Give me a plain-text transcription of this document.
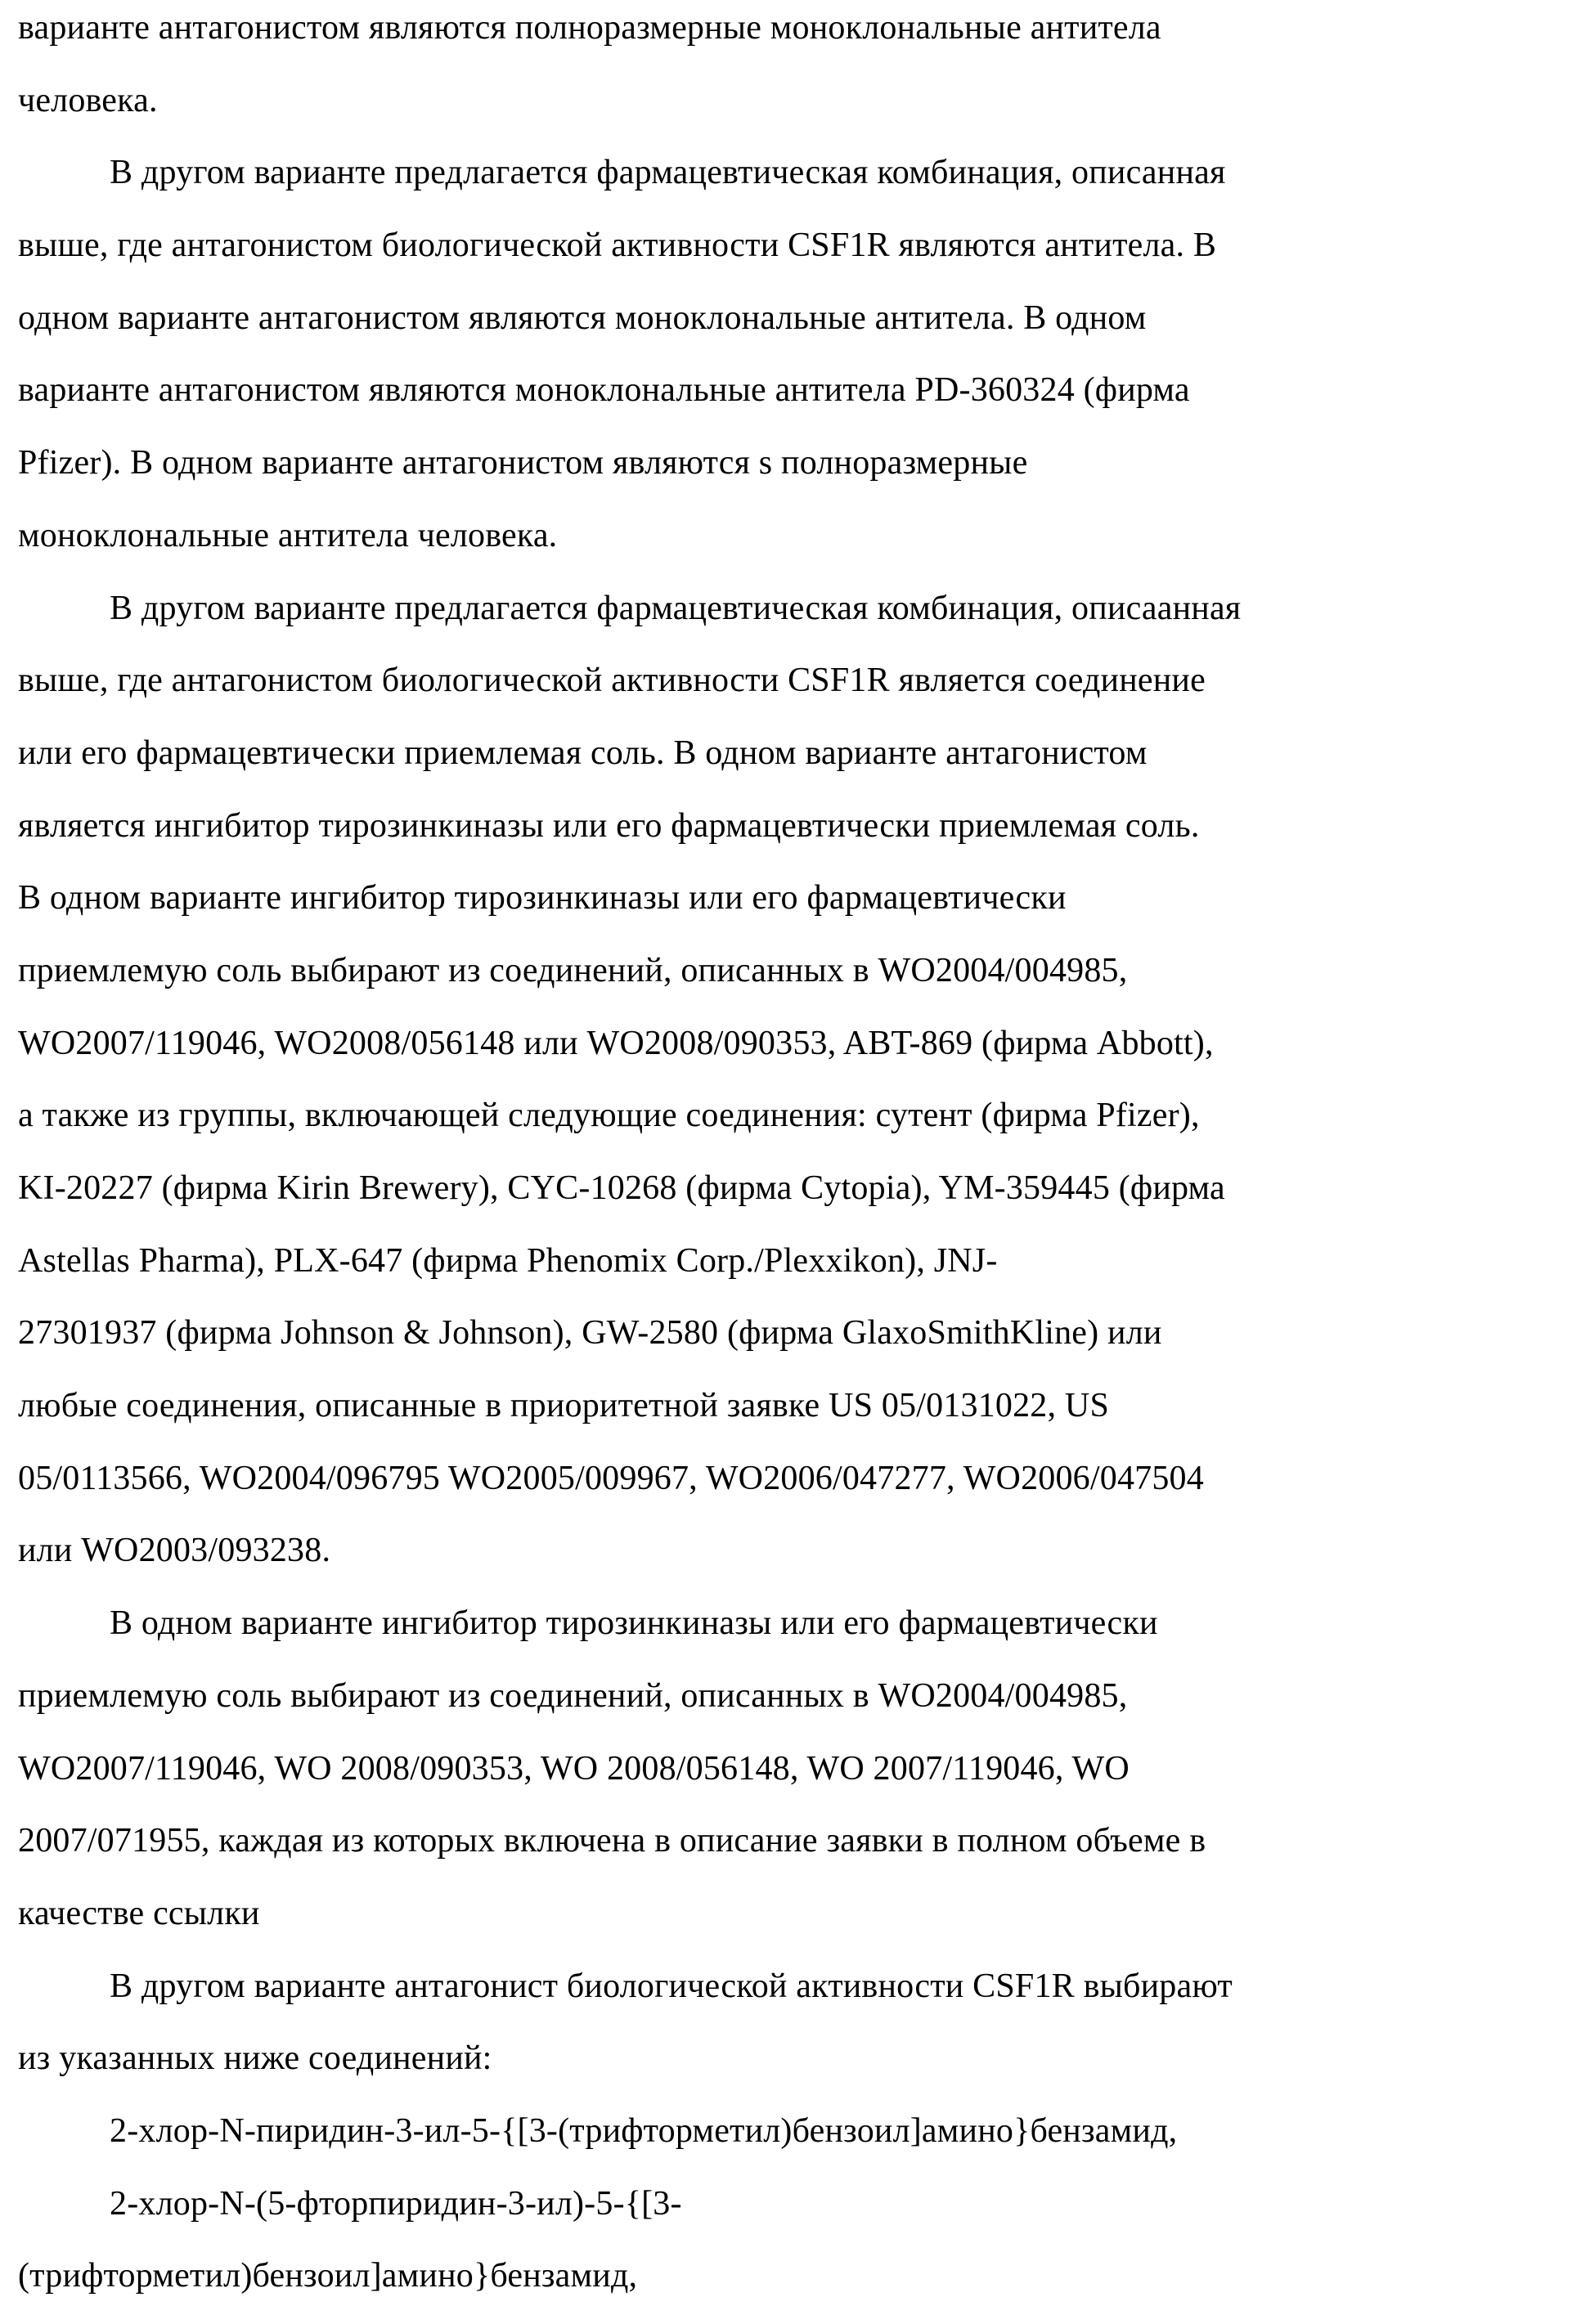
варианте антагонистом являются полноразмерные моноклональные антитела
человека.
В другом варианте предлагается фармацевтическая комбинация, описанная
выше, где антагонистом биологической активности CSF1R являются антитела. В
одном варианте антагонистом являются моноклональные антитела. В одном
варианте антагонистом являются моноклональные антитела PD-360324 (фирма
Pfizer). В одном варианте антагонистом являются s полноразмерные
моноклональные антитела человека.
В другом варианте предлагается фармацевтическая комбинация, описаанная
выше, где антагонистом биологической активности CSF1R является соединение
или его фармацевтически приемлемая соль. В одном варианте антагонистом
является ингибитор тирозинкиназы или его фармацевтически приемлемая соль.
В одном варианте ингибитор тирозинкиназы или его фармацевтически
приемлемую соль выбирают из соединений, описанных в WO2004/004985,
WO2007/119046, WO2008/056148 или WO2008/090353, ABT-869 (фирма Abbott),
а также из группы, включающей следующие соединения: сутент (фирма Pfizer),
KI-20227 (фирма Kirin Brewery), CYC-10268 (фирма Cytopia), YM-359445 (фирма
Astellas Pharma), PLX-647 (фирма Phenomix Corp./Plexxikon), JNJ-
27301937 (фирма Johnson & Johnson), GW-2580 (фирма GlaxoSmithKline) или
любые соединения, описанные в приоритетной заявке US 05/0131022, US
05/0113566, WO2004/096795 WO2005/009967, WO2006/047277, WO2006/047504
или WO2003/093238.
В одном варианте ингибитор тирозинкиназы или его фармацевтически
приемлемую соль выбирают из соединений, описанных в WO2004/004985,
WO2007/119046, WO 2008/090353, WO 2008/056148, WO 2007/119046, WO
2007/071955, каждая из которых включена в описание заявки в полном объеме в
качестве ссылки
В другом варианте антагонист биологической активности CSF1R выбирают
из указанных ниже соединений:
2-хлор-N-пиридин-3-ил-5-{[3-(трифторметил)бензоил]амино}бензамид,
2-хлор-N-(5-фторпиридин-3-ил)-5-{[3-
(трифторметил)бензоил]амино}бензамид,
